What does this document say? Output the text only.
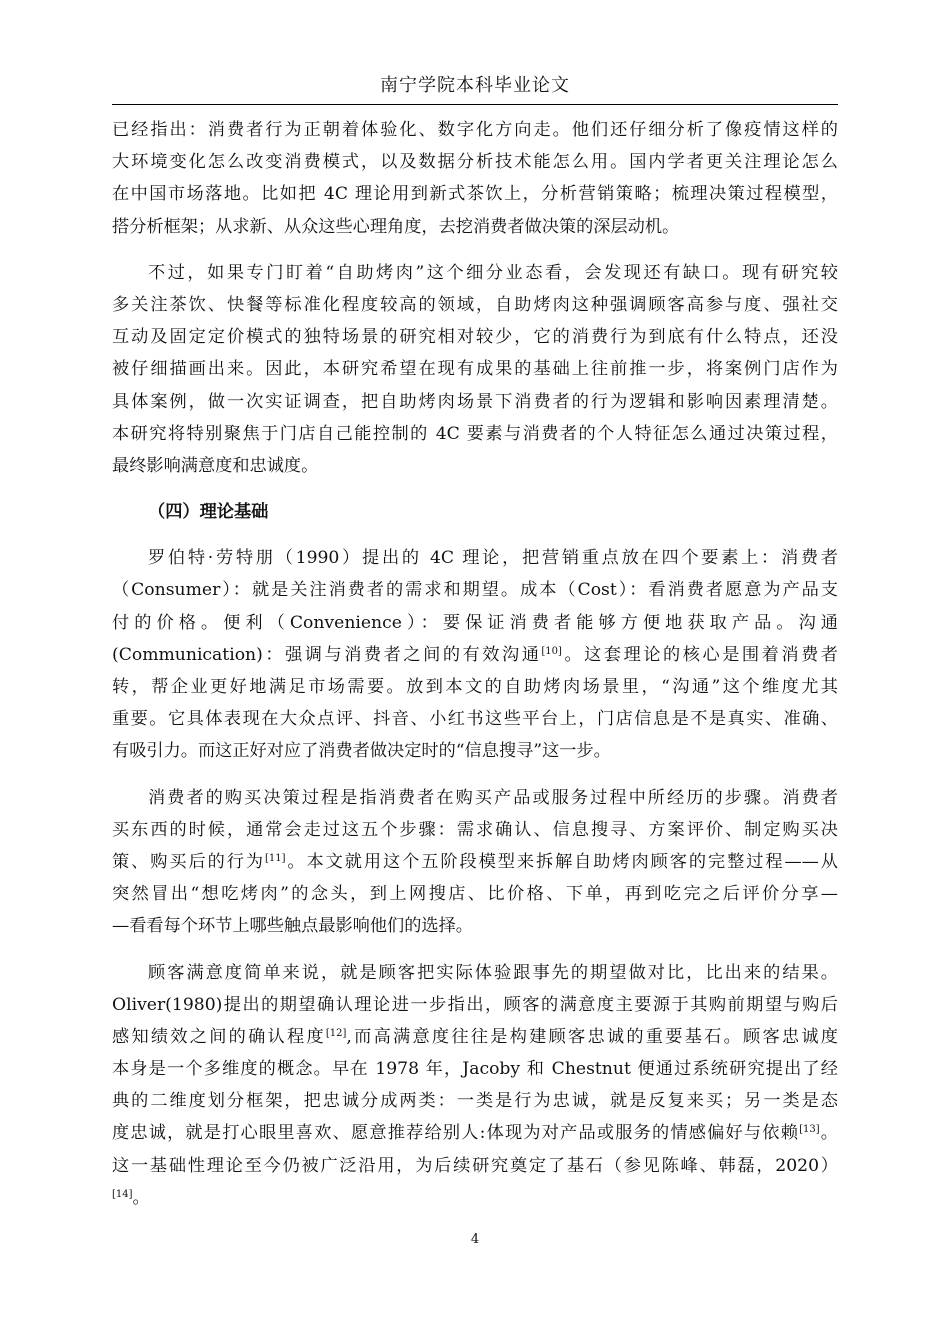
南宁学院本科毕业论文
已经指出：消费者行为正朝着体验化、数字化方向走。他们还仔细分析了像疫情这样的
大环境变化怎么改变消费模式，以及数据分析技术能怎么用。国内学者更关注理论怎么
在中国市场落地。比如把 4C 理论用到新式茶饮上，分析营销策略；梳理决策过程模型，
搭分析框架；从求新、从众这些心理角度，去挖消费者做决策的深层动机。
不过，如果专门盯着“自助烤肉”这个细分业态看，会发现还有缺口。现有研究较
多关注茶饮、快餐等标准化程度较高的领域，自助烤肉这种强调顾客高参与度、强社交
互动及固定定价模式的独特场景的研究相对较少，它的消费行为到底有什么特点，还没
被仔细描画出来。因此，本研究希望在现有成果的基础上往前推一步，将案例门店作为
具体案例，做一次实证调查，把自助烤肉场景下消费者的行为逻辑和影响因素理清楚。
本研究将特别聚焦于门店自己能控制的 4C 要素与消费者的个人特征怎么通过决策过程，
最终影响满意度和忠诚度。
（四）理论基础
罗伯特·劳特朋（1990）提出的 4C 理论，把营销重点放在四个要素上：消费者
（Consumer）：就是关注消费者的需求和期望。成本（Cost）：看消费者愿意为产品支
付的价格。便利（Convenience）：要保证消费者能够方便地获取产品。沟通
(Communication)：强调与消费者之间的有效沟通[10]。这套理论的核心是围着消费者
转，帮企业更好地满足市场需要。放到本文的自助烤肉场景里，“沟通”这个维度尤其
重要。它具体表现在大众点评、抖音、小红书这些平台上，门店信息是不是真实、准确、
有吸引力。而这正好对应了消费者做决定时的“信息搜寻”这一步。
消费者的购买决策过程是指消费者在购买产品或服务过程中所经历的步骤。消费者
买东西的时候，通常会走过这五个步骤：需求确认、信息搜寻、方案评价、制定购买决
策、购买后的行为[11]。本文就用这个五阶段模型来拆解自助烤肉顾客的完整过程——从
突然冒出“想吃烤肉”的念头，到上网搜店、比价格、下单，再到吃完之后评价分享—
—看看每个环节上哪些触点最影响他们的选择。
顾客满意度简单来说，就是顾客把实际体验跟事先的期望做对比，比出来的结果。
Oliver(1980)提出的期望确认理论进一步指出，顾客的满意度主要源于其购前期望与购后
感知绩效之间的确认程度[12],而高满意度往往是构建顾客忠诚的重要基石。顾客忠诚度
本身是一个多维度的概念。早在 1978 年，Jacoby 和 Chestnut 便通过系统研究提出了经
典的二维度划分框架，把忠诚分成两类：一类是行为忠诚，就是反复来买；另一类是态
度忠诚，就是打心眼里喜欢、愿意推荐给别人:体现为对产品或服务的情感偏好与依赖[13]。
这一基础性理论至今仍被广泛沿用，为后续研究奠定了基石（参见陈峰、韩磊，2020）
[14]。
4
